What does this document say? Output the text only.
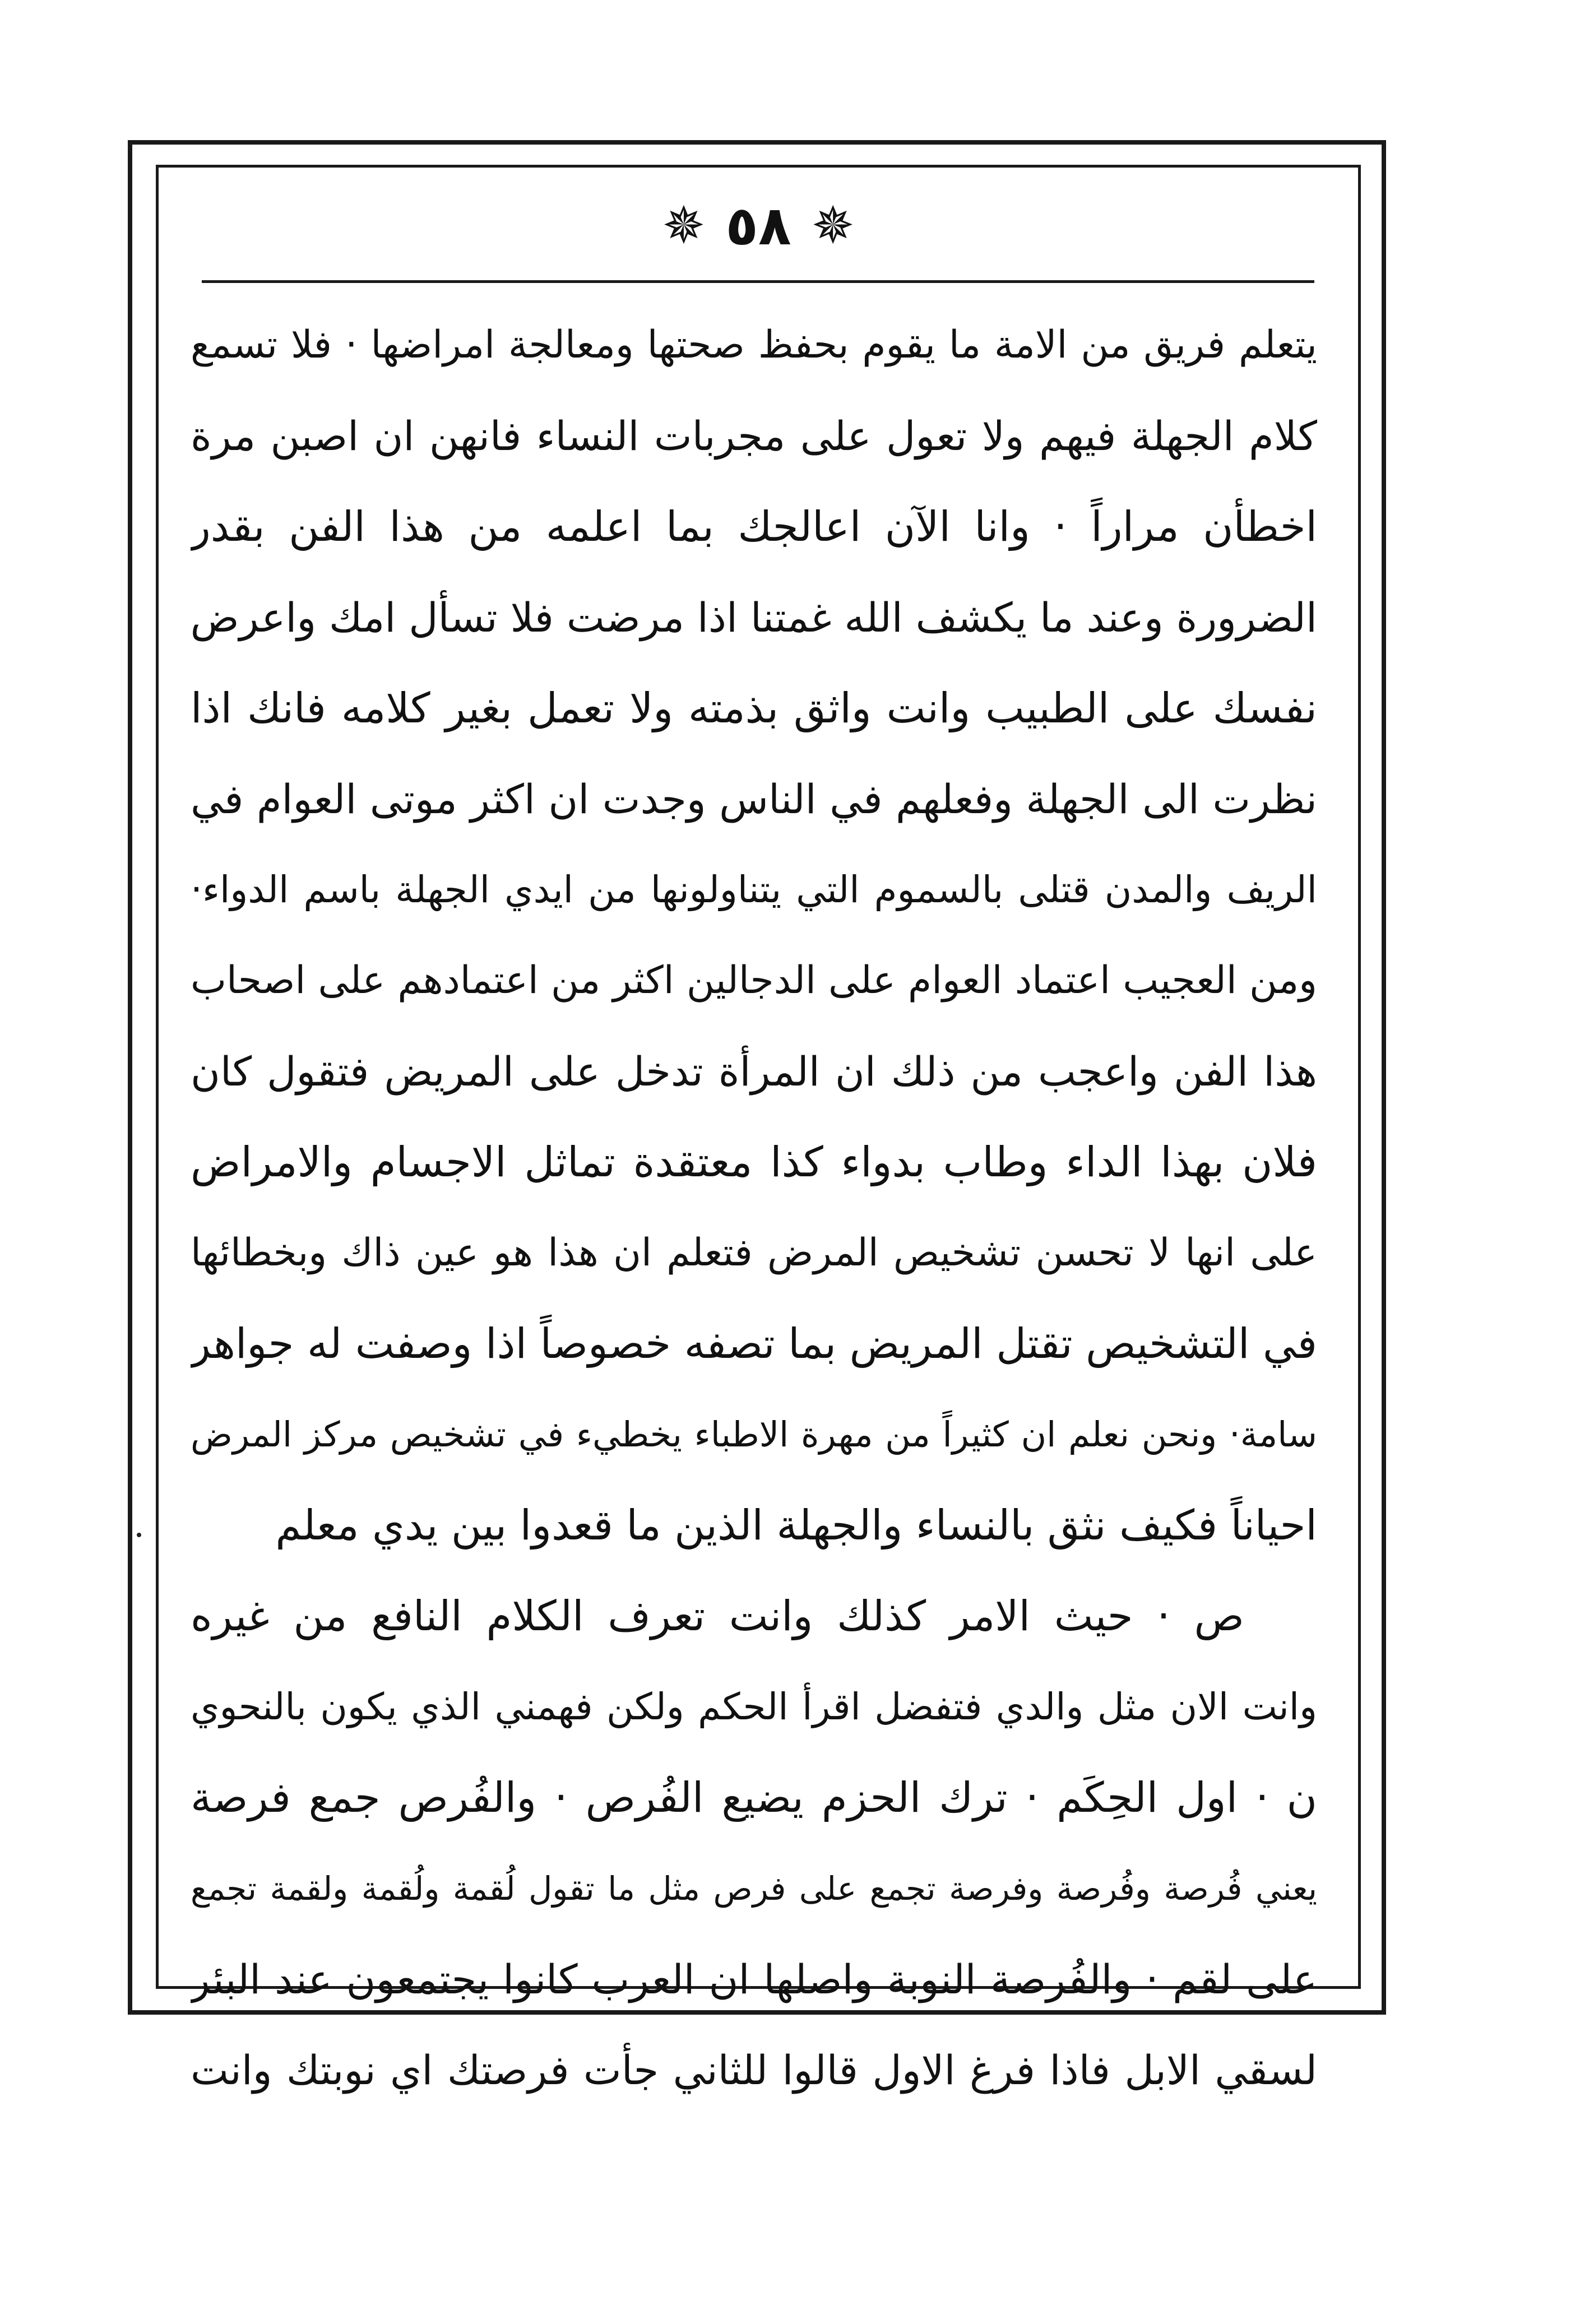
✵
٥٨
✵
يتعلم فريق من الامة ما يقوم بحفظ صحتها ومعالجة امراضها · فلا تسمع
كلام الجهلة فيهم ولا تعول على مجربات النساء فانهن ان اصبن مرة
اخطأن مراراً · وانا الآن اعالجك بما اعلمه من هذا الفن بقدر
الضرورة وعند ما يكشف الله غمتنا اذا مرضت فلا تسأل امك واعرض
نفسك على الطبيب وانت واثق بذمته ولا تعمل بغير كلامه فانك اذا
نظرت الى الجهلة وفعلهم في الناس وجدت ان اكثر موتى العوام في
الريف والمدن قتلى بالسموم التي يتناولونها من ايدي الجهلة باسم الدواء·
ومن العجيب اعتماد العوام على الدجالين اكثر من اعتمادهم على اصحاب
هذا الفن واعجب من ذلك ان المرأة تدخل على المريض فتقول كان
فلان بهذا الداء وطاب بدواء كذا معتقدة تماثل الاجسام والامراض
على انها لا تحسن تشخيص المرض فتعلم ان هذا هو عين ذاك وبخطائها
في التشخيص تقتل المريض بما تصفه خصوصاً اذا وصفت له جواهر
سامة· ونحن نعلم ان كثيراً من مهرة الاطباء يخطيء في تشخيص مركز المرض
احياناً فكيف نثق بالنساء والجهلة الذين ما قعدوا بين يدي معلم
ص · حيث الامر كذلك وانت تعرف الكلام النافع من غيره
وانت الان مثل والدي فتفضل اقرأ الحكم ولكن فهمني الذي يكون بالنحوي
ن · اول الحِكَم · ترك الحزم يضيع الفُرص · والفُرص جمع فرصة
يعني فُرصة وفُرصة وفرصة تجمع على فرص مثل ما تقول لُقمة ولُقمة ولقمة تجمع
على لقم · والفُرصة النوبة واصلها ان العرب كانوا يجتمعون عند البئر
لسقي الابل فاذا فرغ الاول قالوا للثاني جأت فرصتك اي نوبتك وانت
